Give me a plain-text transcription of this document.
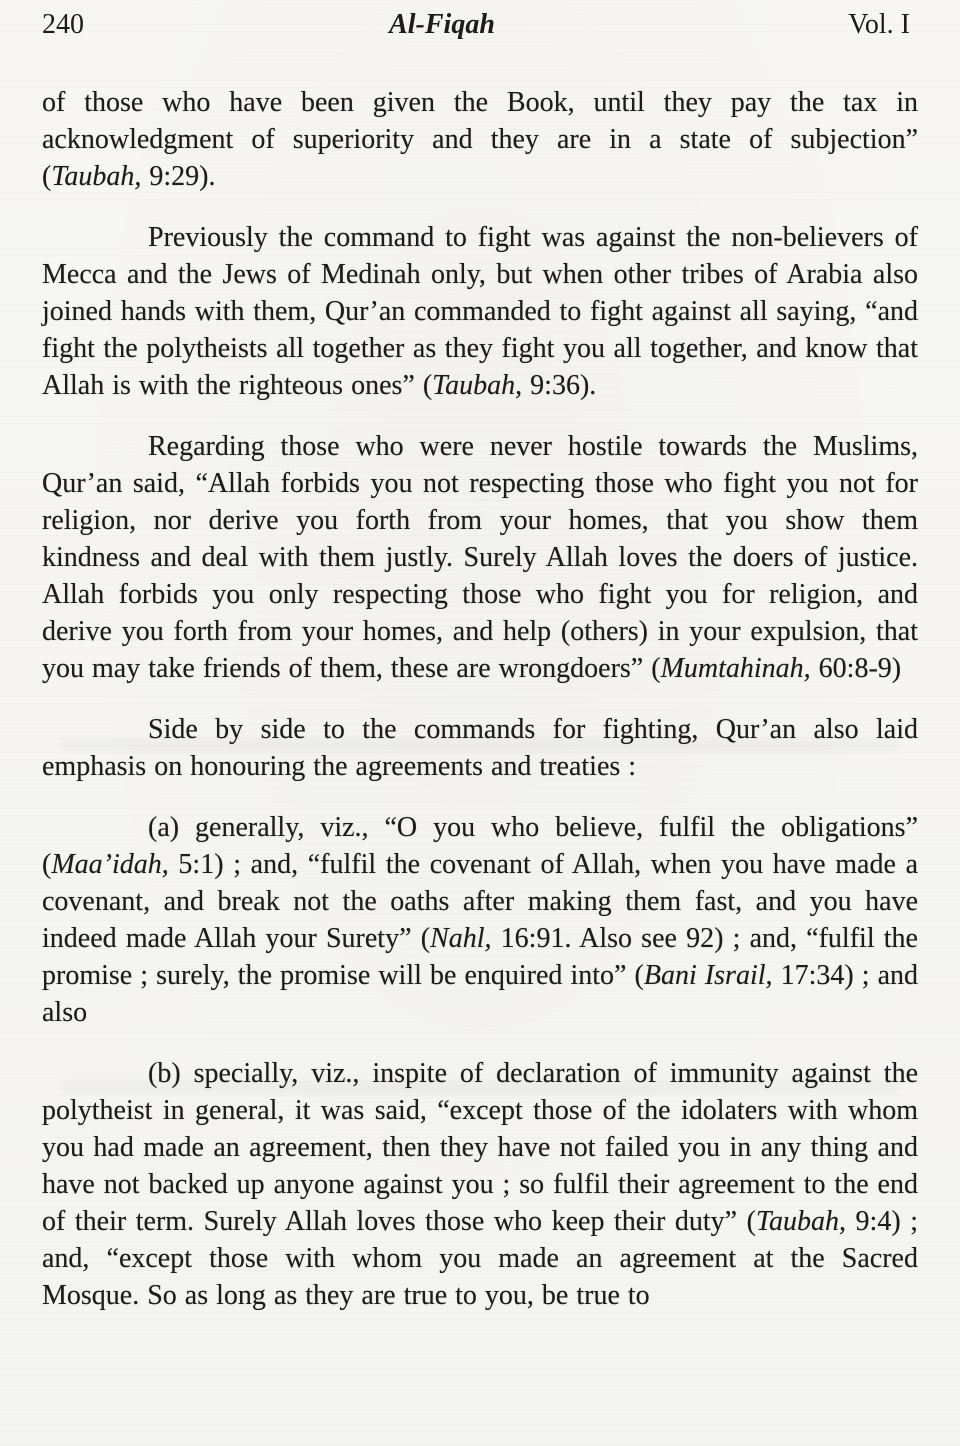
240	Al-Fiqah	Vol. I

of those who have been given the Book, until they pay the tax in acknowledgment of superiority and they are in a state of subjection” (Taubah, 9:29).

Previously the command to fight was against the non-believers of Mecca and the Jews of Medinah only, but when other tribes of Arabia also joined hands with them, Qur’an commanded to fight against all saying, “and fight the polytheists all together as they fight you all together, and know that Allah is with the righteous ones” (Taubah, 9:36).

Regarding those who were never hostile towards the Muslims, Qur’an said, “Allah forbids you not respecting those who fight you not for religion, nor derive you forth from your homes, that you show them kindness and deal with them justly. Surely Allah loves the doers of justice. Allah forbids you only respecting those who fight you for religion, and derive you forth from your homes, and help (others) in your expulsion, that you may take friends of them, these are wrongdoers” (Mumtahinah, 60:8-9)

Side by side to the commands for fighting, Qur’an also laid emphasis on honouring the agreements and treaties :

(a) generally, viz., “O you who believe, fulfil the obligations” (Maa’idah, 5:1) ; and, “fulfil the covenant of Allah, when you have made a covenant, and break not the oaths after making them fast, and you have indeed made Allah your Surety” (Nahl, 16:91. Also see 92) ; and, “fulfil the promise ; surely, the promise will be enquired into” (Bani Israil, 17:34) ; and also

(b) specially, viz., inspite of declaration of immunity against the polytheist in general, it was said, “except those of the idolaters with whom you had made an agreement, then they have not failed you in any thing and have not backed up anyone against you ; so fulfil their agreement to the end of their term. Surely Allah loves those who keep their duty” (Taubah, 9:4) ; and, “except those with whom you made an agreement at the Sacred Mosque. So as long as they are true to you, be true to
